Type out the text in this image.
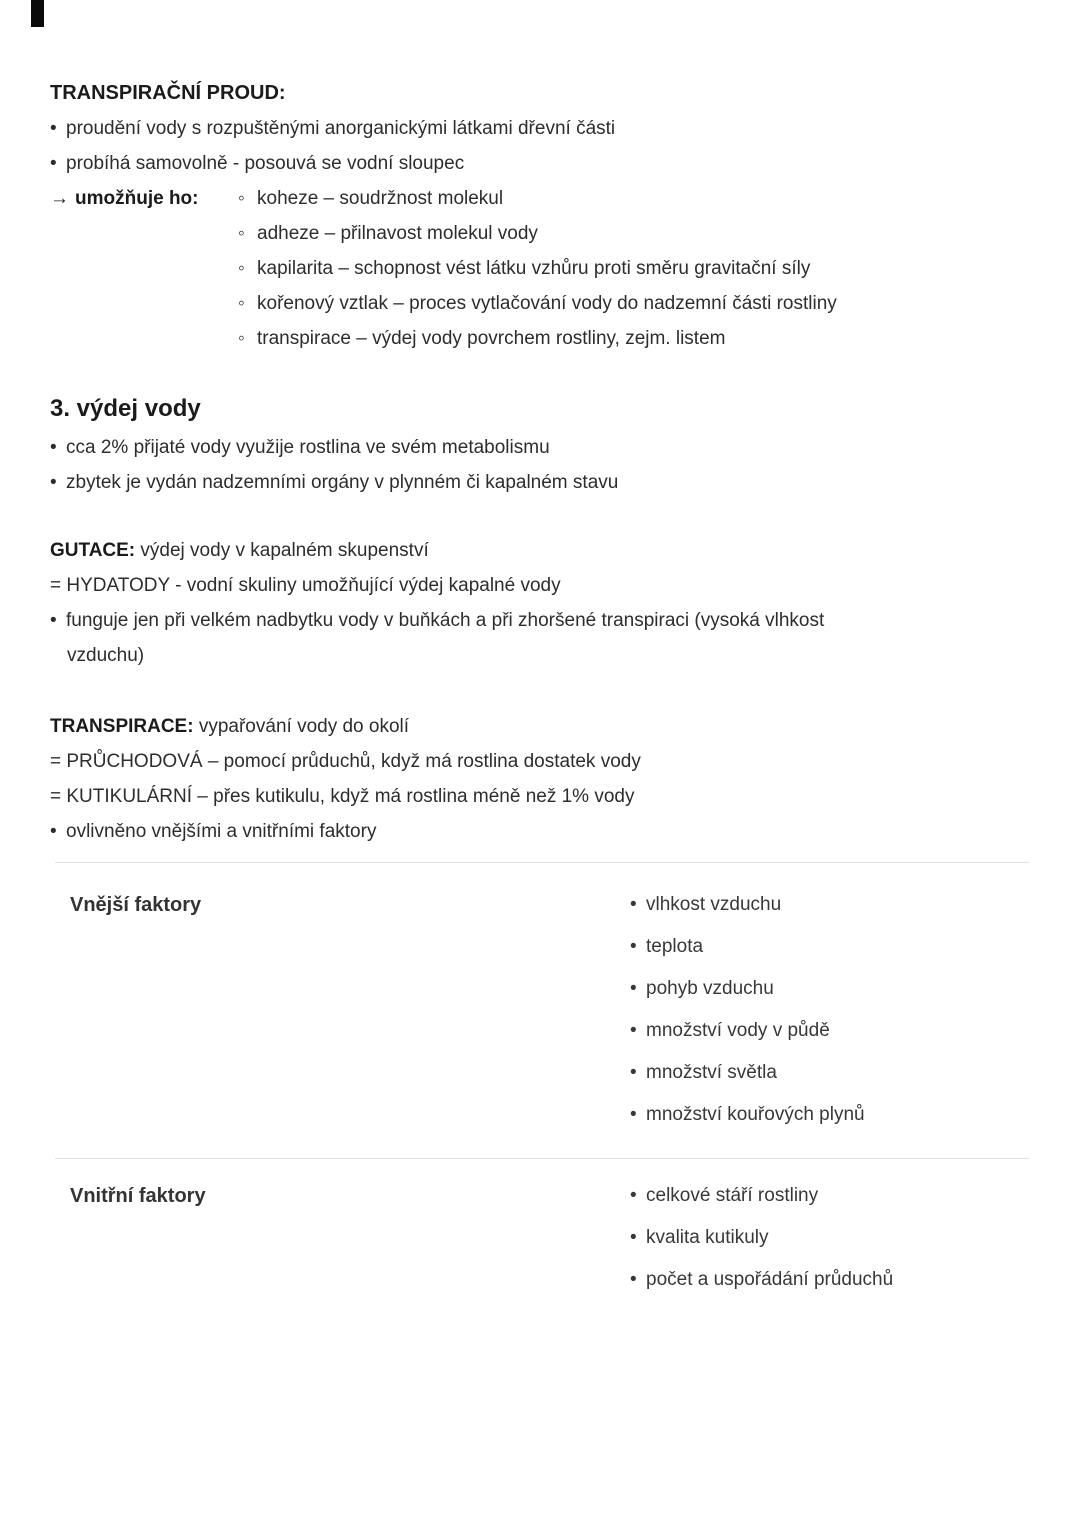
TRANSPIRAČNÍ PROUD:
• proudění vody s rozpuštěnými anorganickými látkami dřevní části
• probíhá samovolně - posouvá se vodní sloupec
→ umožňuje ho: ◦ koheze – soudržnost molekul
◦ adheze – přilnavost molekul vody
◦ kapilarita – schopnost vést látku vzhůru proti směru gravitační síly
◦ kořenový vztlak – proces vytlačování vody do nadzemní části rostliny
◦ transpirace – výdej vody povrchem rostliny, zejm. listem
3. výdej vody
• cca 2% přijaté vody využije rostlina ve svém metabolismu
• zbytek je vydán nadzemními orgány v plynném či kapalném stavu
GUTACE: výdej vody v kapalném skupenství
= HYDATODY - vodní skuliny umožňující výdej kapalné vody
• funguje jen při velkém nadbytku vody v buňkách a při zhoršené transpiraci (vysoká vlhkost
vzduchu)
TRANSPIRACE: vypařování vody do okolí
= PRŮCHODOVÁ – pomocí průduchů, když má rostlina dostatek vody
= KUTIKULÁRNÍ – přes kutikulu, když má rostlina méně než 1% vody
• ovlivněno vnějšími a vnitřními faktory
Vnější faktory	• vlhkost vzduchu
• teplota
• pohyb vzduchu
• množství vody v půdě
• množství světla
• množství kouřových plynů
Vnitřní faktory	• celkové stáří rostliny
• kvalita kutikuly
• počet a uspořádání průduchů
